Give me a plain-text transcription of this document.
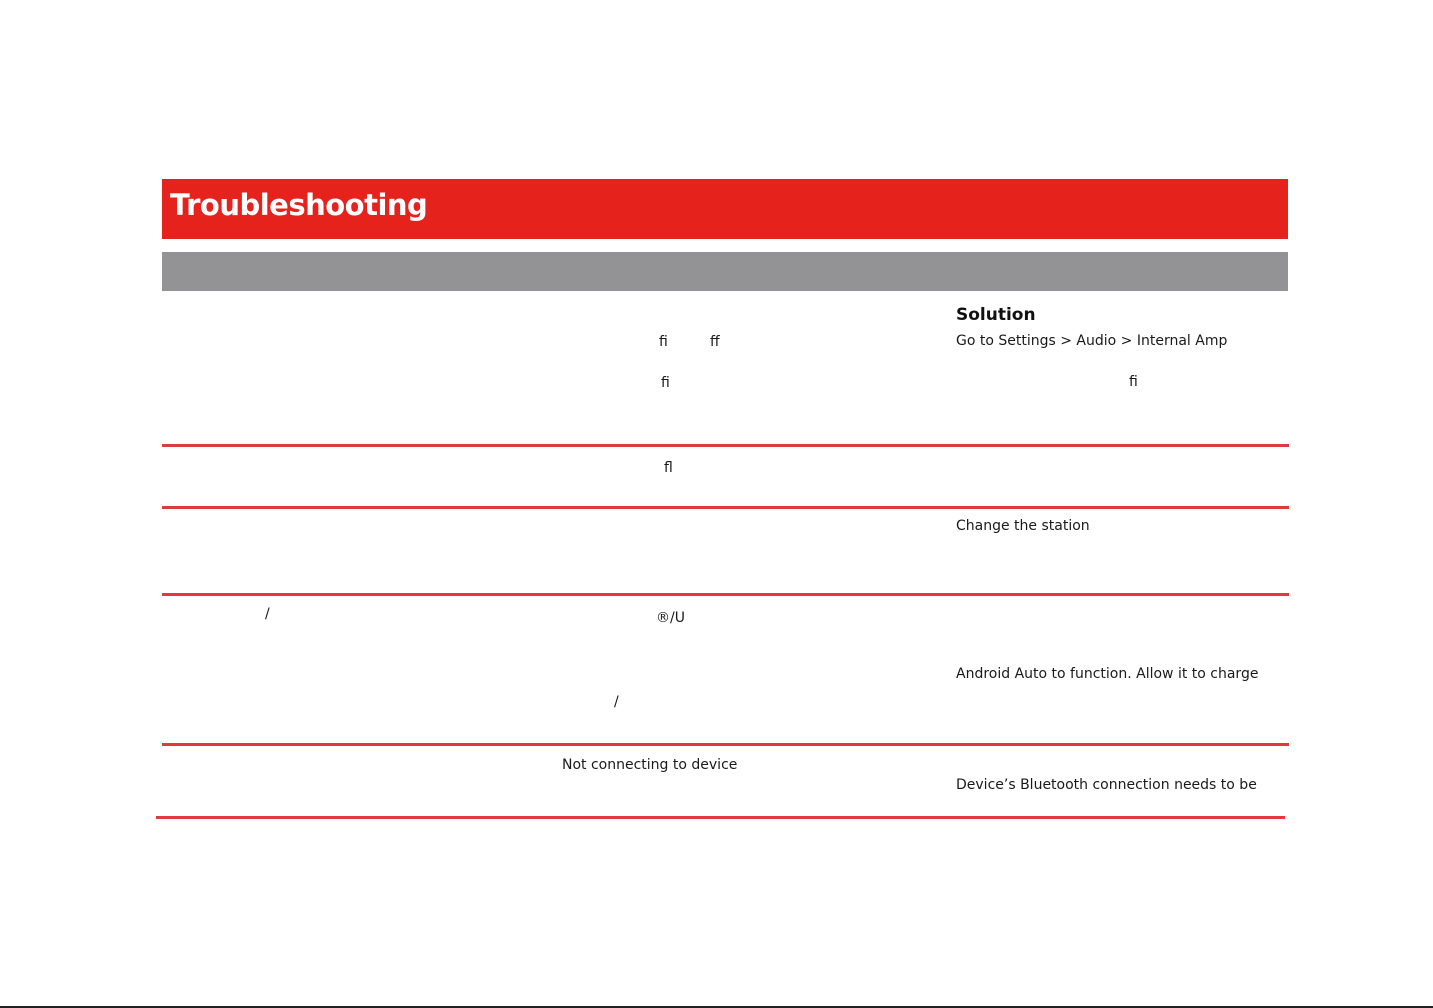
Troubleshooting
Solution
ﬁ	ﬀ
ﬁ
Go to Settings > Audio > Internal Amp
ﬁ
ﬂ
Change the station
/	®/U
Android Auto to function. Allow it to charge
/
Not connecting to device
Device’s Bluetooth connection needs to be
